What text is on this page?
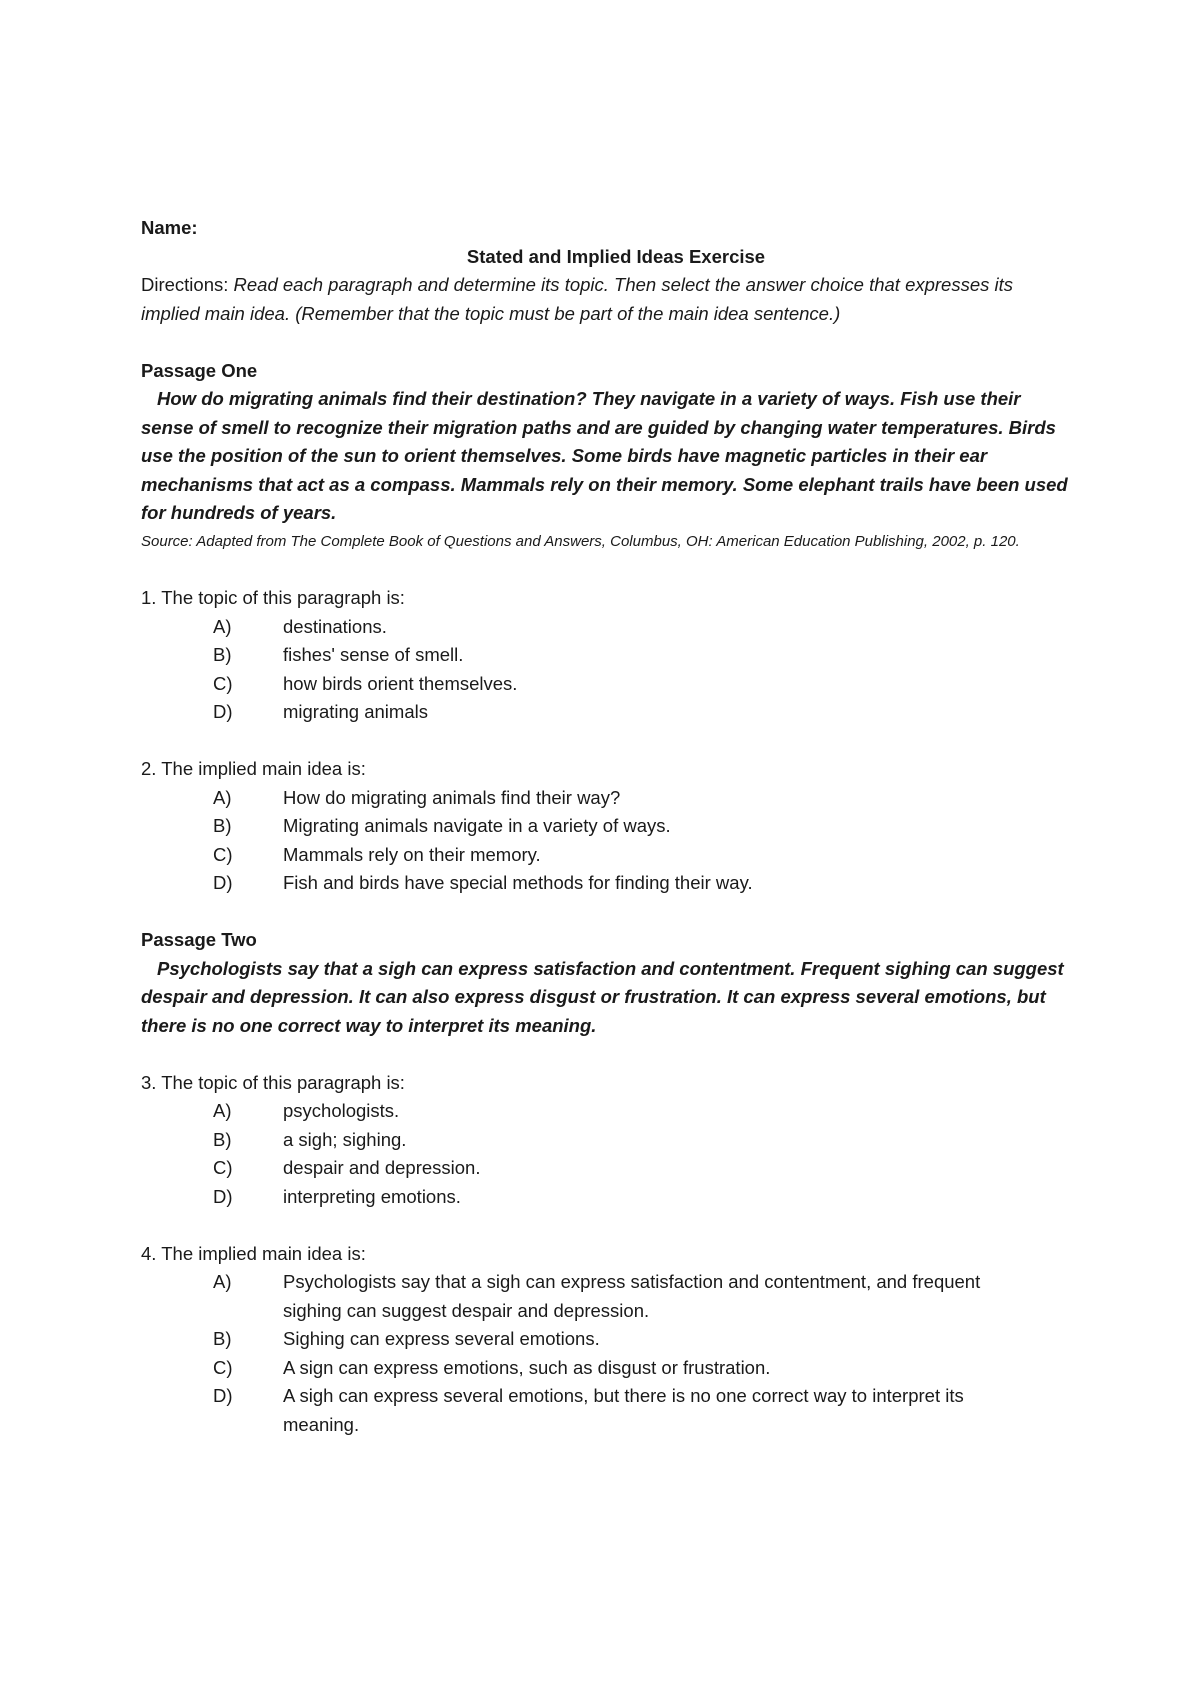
Name:

Stated and Implied Ideas Exercise

Directions: Read each paragraph and determine its topic. Then select the answer choice that expresses its implied main idea. (Remember that the topic must be part of the main idea sentence.)

Passage One

How do migrating animals find their destination? They navigate in a variety of ways. Fish use their sense of smell to recognize their migration paths and are guided by changing water temperatures. Birds use the position of the sun to orient themselves. Some birds have magnetic particles in their ear mechanisms that act as a compass. Mammals rely on their memory. Some elephant trails have been used for hundreds of years.

Source: Adapted from The Complete Book of Questions and Answers, Columbus, OH: American Education Publishing, 2002, p. 120.

1. The topic of this paragraph is:

A)	destinations.
B)	fishes' sense of smell.
C)	how birds orient themselves.
D)	migrating animals

2. The implied main idea is:

A)	How do migrating animals find their way?
B)	Migrating animals navigate in a variety of ways.
C)	Mammals rely on their memory.
D)	Fish and birds have special methods for finding their way.

Passage Two

Psychologists say that a sigh can express satisfaction and contentment. Frequent sighing can suggest despair and depression. It can also express disgust or frustration. It can express several emotions, but there is no one correct way to interpret its meaning.

3. The topic of this paragraph is:

A)	psychologists.
B)	a sigh; sighing.
C)	despair and depression.
D)	interpreting emotions.

4. The implied main idea is:

A)	Psychologists say that a sigh can express satisfaction and contentment, and frequent sighing can suggest despair and depression.
B)	Sighing can express several emotions.
C)	A sign can express emotions, such as disgust or frustration.
D)	A sigh can express several emotions, but there is no one correct way to interpret its meaning.
